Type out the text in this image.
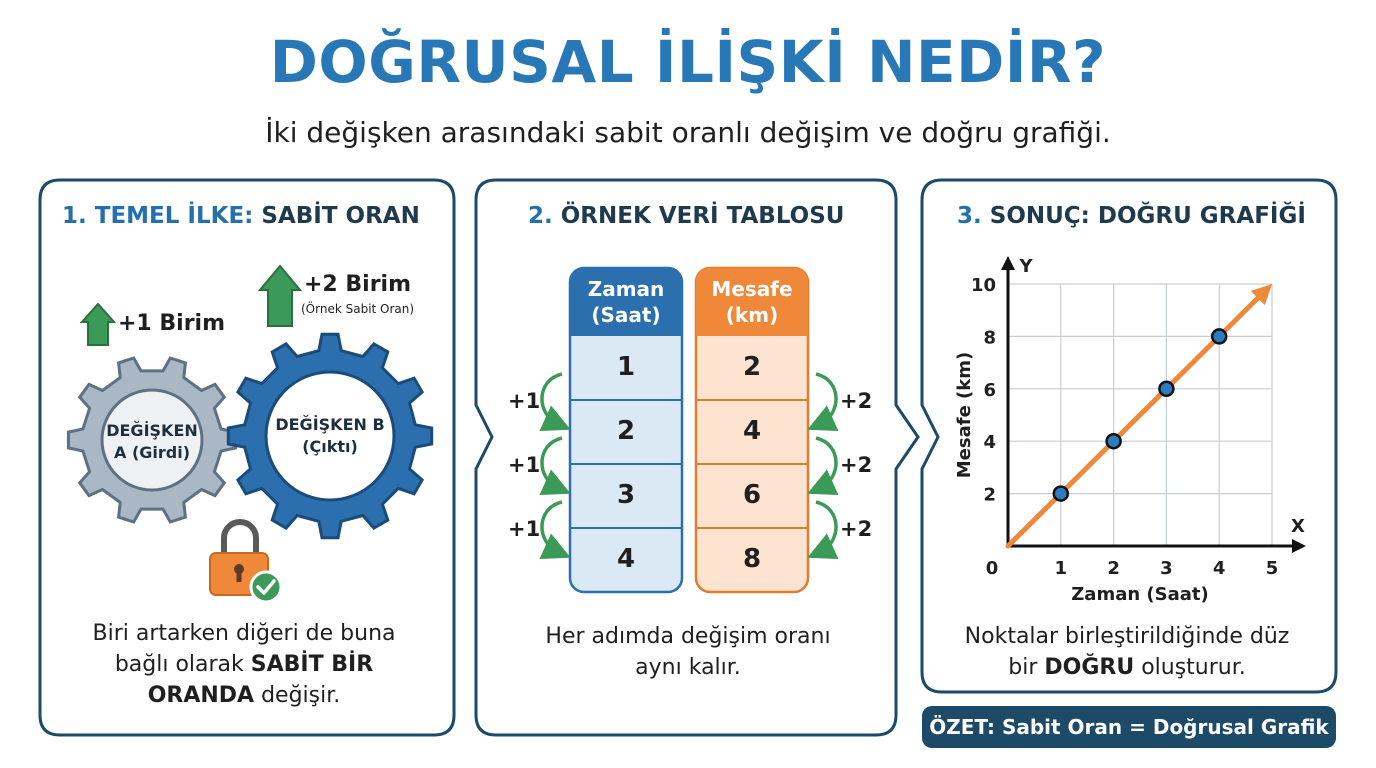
1 2 3 4 5
2
4
6
8
10
0
X
Y
Zaman (Saat)
Mesafe (km)
DOĞRUSAL İLİŞKİ NEDİR?
İki değişken arasındaki sabit oranlı değişim ve doğru grafiği.
1. TEMEL İLKE: SABİT ORAN
+1 Birim
+2 Birim
(Örnek Sabit Oran)
DEĞİŞKEN
A (Girdi)
DEĞİŞKEN B
(Çıktı)
Biri artarken diğeri de buna bağlı olarak SABİT BİR ORANDA değişir.
2. ÖRNEK VERİ TABLOSU
Zaman
(Saat)
Mesafe
(km)
1
2
3
4
2
4
6
8
+1
+1
+1
+2
+2
+2
Her adımda değişim oranı aynı kalır.
3. SONUÇ: DOĞRU GRAFİĞİ
Noktalar birleştirildiğinde düz bir DOĞRU oluşturur.
ÖZET: Sabit Oran = Doğrusal Grafik
